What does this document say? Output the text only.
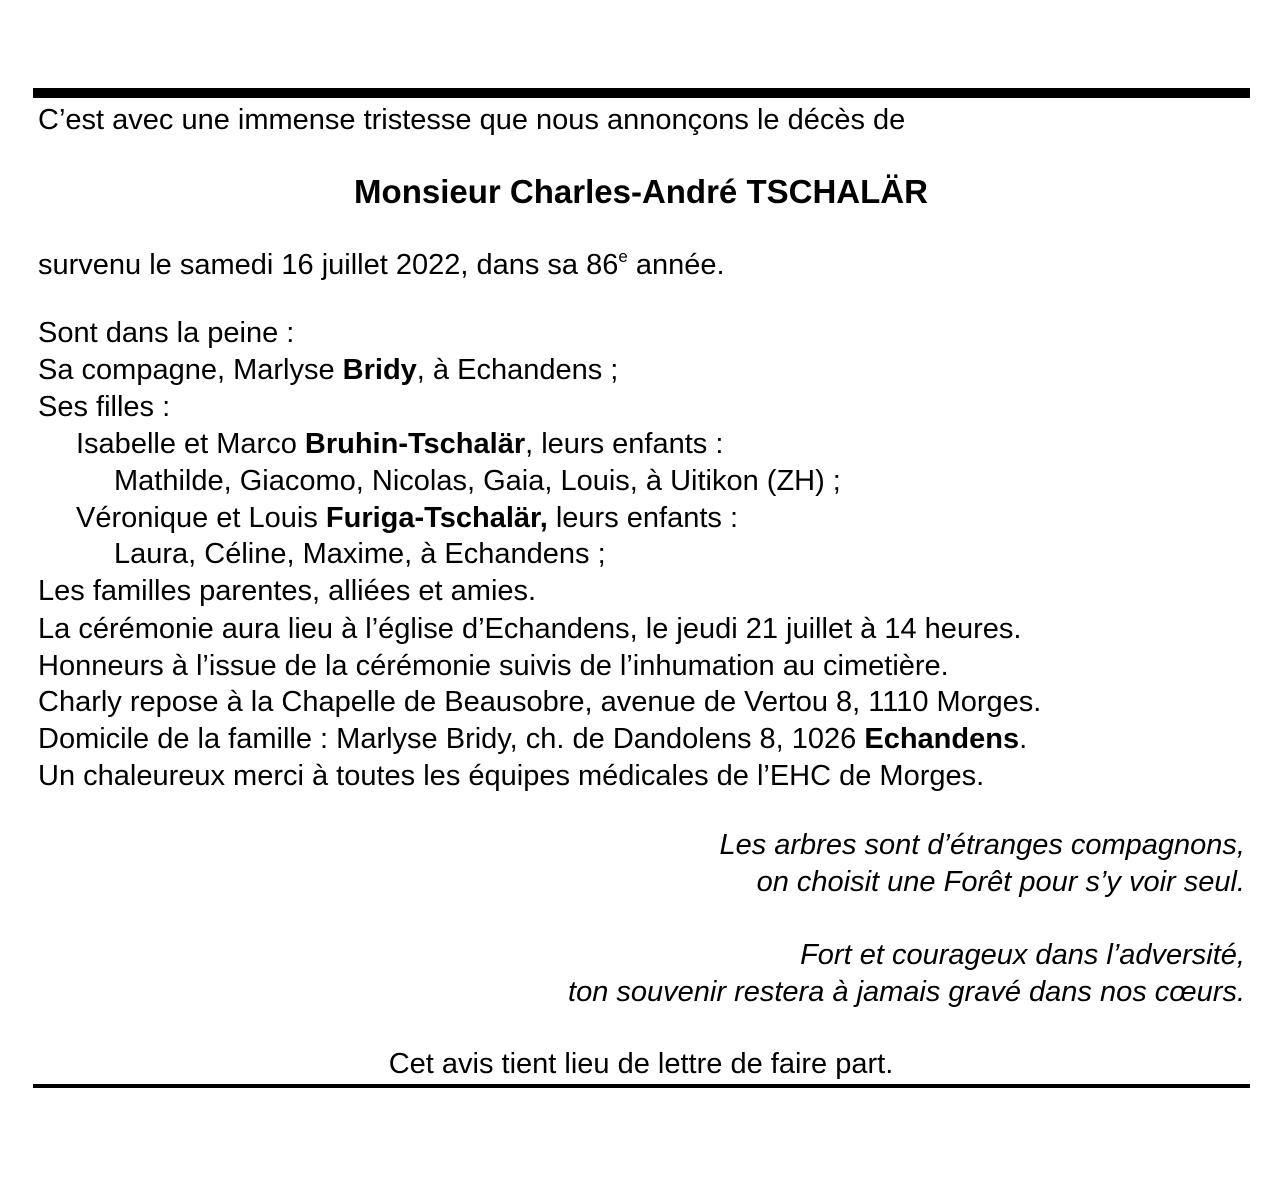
C’est avec une immense tristesse que nous annonçons le décès de
Monsieur Charles-André TSCHALÄR
survenu le samedi 16 juillet 2022, dans sa 86e année.
Sont dans la peine :
Sa compagne, Marlyse Bridy, à Echandens ;
Ses filles :
Isabelle et Marco Bruhin-Tschalär, leurs enfants :
Mathilde, Giacomo, Nicolas, Gaia, Louis, à Uitikon (ZH) ;
Véronique et Louis Furiga-Tschalär, leurs enfants :
Laura, Céline, Maxime, à Echandens ;
Les familles parentes, alliées et amies.
La cérémonie aura lieu à l’église d’Echandens, le jeudi 21 juillet à 14 heures.
Honneurs à l’issue de la cérémonie suivis de l’inhumation au cimetière.
Charly repose à la Chapelle de Beausobre, avenue de Vertou 8, 1110 Morges.
Domicile de la famille : Marlyse Bridy, ch. de Dandolens 8, 1026 Echandens.
Un chaleureux merci à toutes les équipes médicales de l’EHC de Morges.
Les arbres sont d’étranges compagnons,
on choisit une Forêt pour s’y voir seul.
Fort et courageux dans l’adversité,
ton souvenir restera à jamais gravé dans nos cœurs.
Cet avis tient lieu de lettre de faire part.
